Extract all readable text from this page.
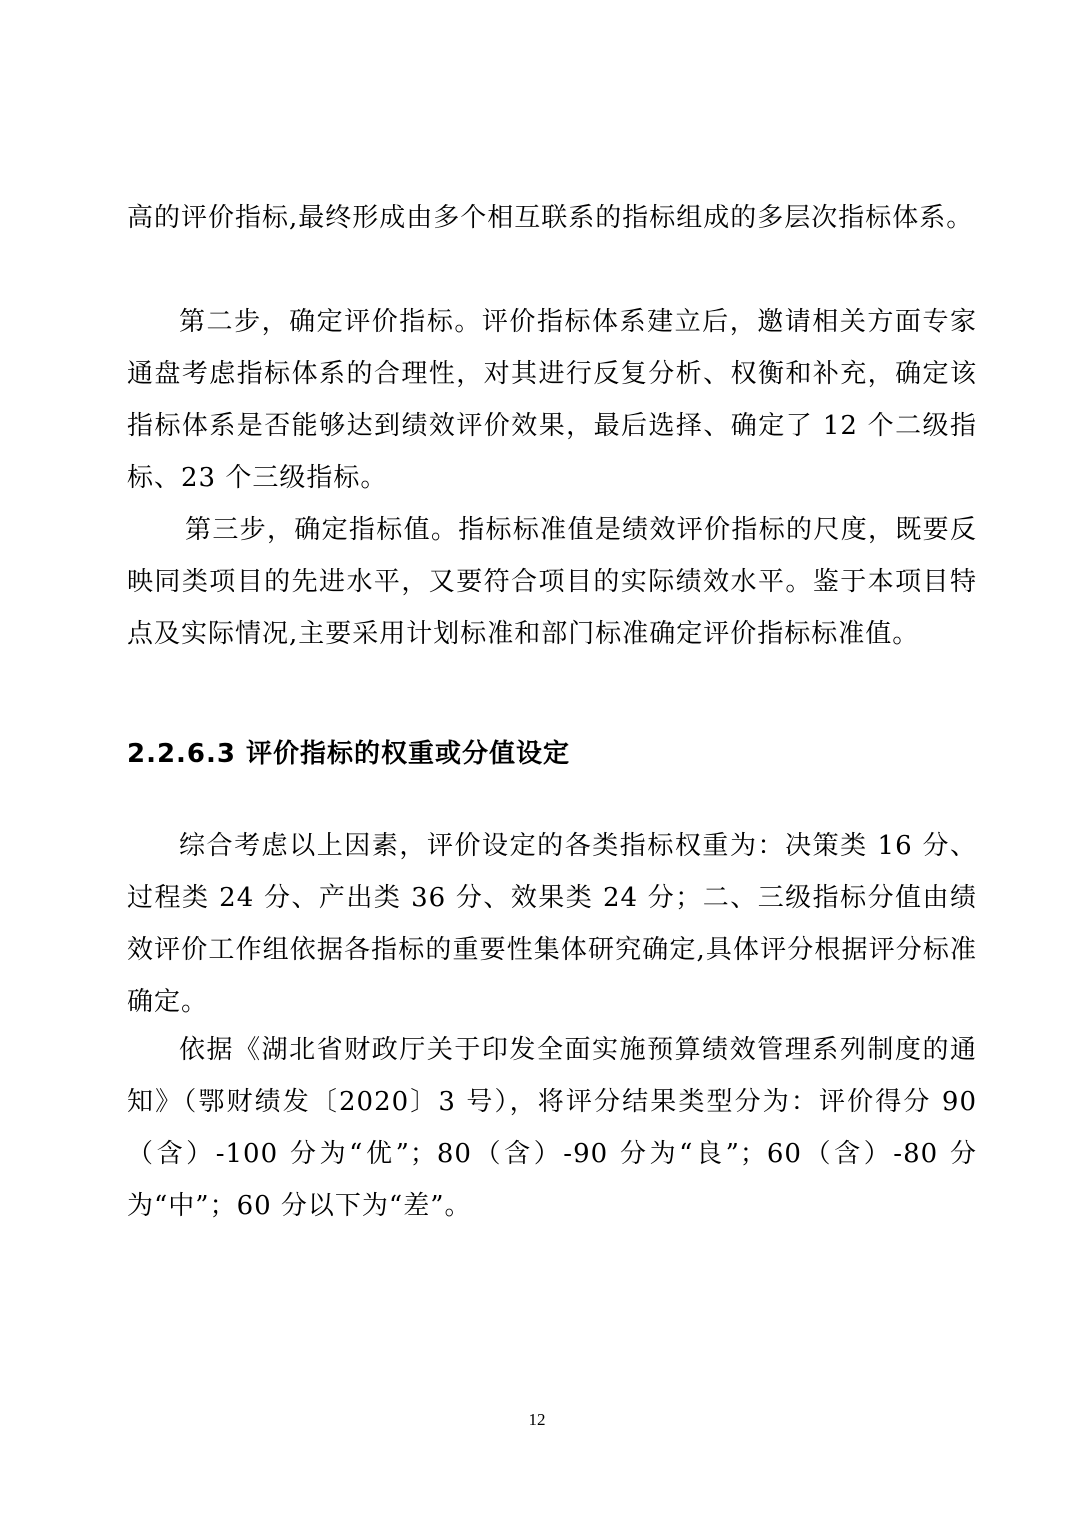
高的评价指标,最终形成由多个相互联系的指标组成的多层次指标体系。

第二步，确定评价指标。评价指标体系建立后，邀请相关方面专家通盘考虑指标体系的合理性，对其进行反复分析、权衡和补充，确定该指标体系是否能够达到绩效评价效果，最后选择、确定了 12 个二级指标、23 个三级指标。

第三步，确定指标值。指标标准值是绩效评价指标的尺度，既要反映同类项目的先进水平，又要符合项目的实际绩效水平。鉴于本项目特点及实际情况,主要采用计划标准和部门标准确定评价指标标准值。

2.2.6.3 评价指标的权重或分值设定

综合考虑以上因素，评价设定的各类指标权重为：决策类 16 分、过程类 24 分、产出类 36 分、效果类 24 分；二、三级指标分值由绩效评价工作组依据各指标的重要性集体研究确定,具体评分根据评分标准确定。

依据《湖北省财政厅关于印发全面实施预算绩效管理系列制度的通知》（鄂财绩发〔2020〕3 号），将评分结果类型分为：评价得分 90（含）-100 分为“优”；80（含）-90 分为“良”；60（含）-80 分为“中”；60 分以下为“差”。

12
